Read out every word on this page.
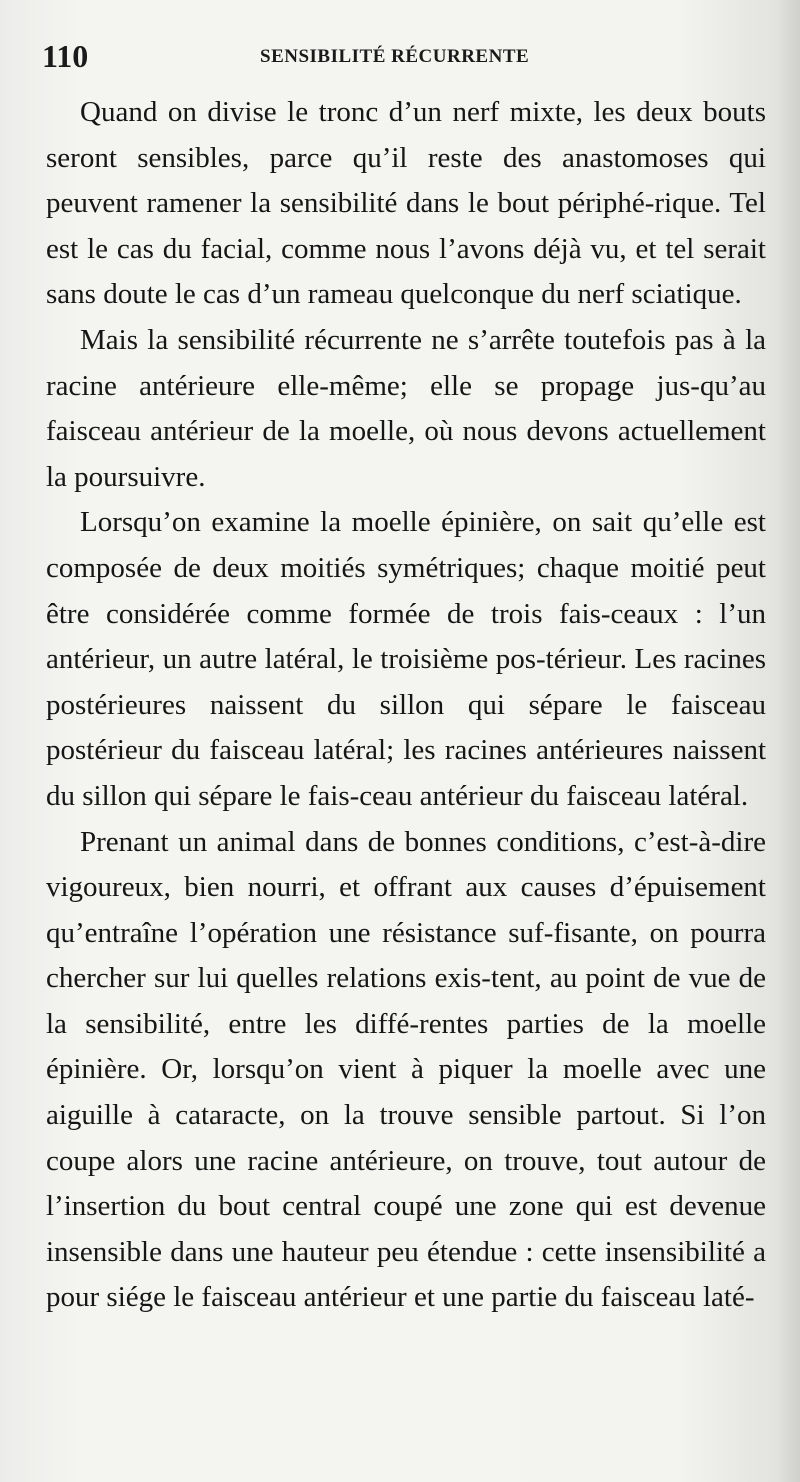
110	SENSIBILITÉ RÉCURRENTE

Quand on divise le tronc d’un nerf mixte, les deux bouts seront sensibles, parce qu’il reste des anastomoses qui peuvent ramener la sensibilité dans le bout périphé-rique. Tel est le cas du facial, comme nous l’avons déjà vu, et tel serait sans doute le cas d’un rameau quelconque du nerf sciatique.

Mais la sensibilité récurrente ne s’arrête toutefois pas à la racine antérieure elle-même; elle se propage jus-qu’au faisceau antérieur de la moelle, où nous devons actuellement la poursuivre.

Lorsqu’on examine la moelle épinière, on sait qu’elle est composée de deux moitiés symétriques; chaque moitié peut être considérée comme formée de trois fais-ceaux : l’un antérieur, un autre latéral, le troisième pos-térieur. Les racines postérieures naissent du sillon qui sépare le faisceau postérieur du faisceau latéral; les racines antérieures naissent du sillon qui sépare le fais-ceau antérieur du faisceau latéral.

Prenant un animal dans de bonnes conditions, c’est-à-dire vigoureux, bien nourri, et offrant aux causes d’épuisement qu’entraîne l’opération une résistance suf-fisante, on pourra chercher sur lui quelles relations exis-tent, au point de vue de la sensibilité, entre les diffé-rentes parties de la moelle épinière. Or, lorsqu’on vient à piquer la moelle avec une aiguille à cataracte, on la trouve sensible partout. Si l’on coupe alors une racine antérieure, on trouve, tout autour de l’insertion du bout central coupé une zone qui est devenue insensible dans une hauteur peu étendue : cette insensibilité a pour siége le faisceau antérieur et une partie du faisceau laté-
